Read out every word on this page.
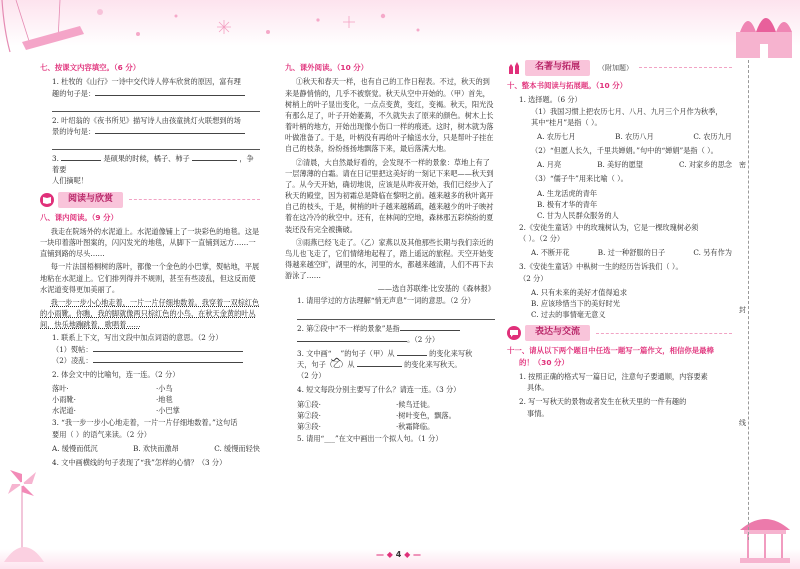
密
封
线
七、按课文内容填空。（6 分）
1. 杜牧的《山行》一诗中交代诗人停车欣赏的原因，富有理
趣的句子是：
2. 叶绍翁的《夜书所见》描写诗人由孩童挑灯火联想到的场
景的诗句是：
3.	是硕果的时候，橘子、柿子	，争着要
人们摘呢！
阅读与欣赏
八、课内阅读。（9 分）
我走在院场外的水泥道上。水泥道像铺上了一块彩色的地毯。这是一块印着落叶图案的，闪闪发光的地毯，从脚下一直铺到远方……一直铺到路的尽头……
每一片法国梧桐树的落叶，都像一个金色的小巴掌，熨帖地，平展地粘在水泥道上。它们排列得并不规则，甚至有些凌乱，但这反而使水泥道变得更加美丽了。
我一步一步小心地走着，一片一片仔细地数着。我穿着一双棕红色的小雨靴。你瞧，我的脚就像两只棕红色的小鸟，在秋天金黄的叶丛间，快乐地蹦跳着，歌唱着……
1. 联系上下文，写出文段中加点词语的意思。（2 分）
（1）熨帖：
（2）凌乱：
2. 体会文中的比喻句，连一连。（2 分）
落叶·	·小鸟
小雨靴·	·地毯
水泥道·	·小巴掌
3. “我一步一步小心地走着，一片一片仔细地数着。”这句话
要用（ ）的语气来读。（2 分）
A. 缓慢而低沉	B. 欢快而激昂	C. 缓慢而轻快
4. 文中画横线的句子表现了“我”怎样的心情？（3 分）
九、课外阅读。（10 分）
①秋天和春天一样，也有自己的工作日程表。不过，秋天的到来是静悄悄的，几乎不被察觉。秋天从空中开始的。（甲）首先，树梢上的叶子显出变化，一点点变黄，变红，变褐。秋天，阳光没有那么足了，叶子开始萎蔫，不久就失去了原来的颜色。树木上长着叶柄的地方，开始出现像小伤口一样的痕迹。这时，树木就为落叶做准备了。于是，叶柄没有再给叶子输送水分，只是帮叶子挂在自己的枝条，纷纷扬扬地飘落下来，最后落满大地。
②清晨，大自然最好看的，会发现不一样的景象：草地上有了一层薄薄的白霜。请在日记里把这美好的一刻记下来吧——秋天到了。从今天开始，确切地说，应该是从昨夜开始，我们已经步入了秋天的殿堂，因为初霜总是降临在黎明之前。越来越多的秋叶离开自己的枝头，于是，树梢的叶子越来越稀疏，越来越少的叶子映衬着在这冷冷的秋空中。还有，在林间的空地，森林那五彩缤纷的夏装还没有完全被撕破。
③雨燕已经飞走了。（乙）家燕以及其他那些长期与我们亲近的鸟儿也飞走了，它们情绪地起程了，踏上遥远的旅程。天空开始变得越来越空旷，湖里的水，河里的水，都越来越清，人们不再下去游泳了……
——选自苏联维·比安基的《森林报》
1. 请用学过的方法理解“悄无声息”一词的意思。（2 分）
2. 第②段中“不一样的景象”是指
。（2 分）
3. 文中画“ ”的句子（甲）从	的变化来写秋
天，句子（乙）从	的变化来写秋天。
（2 分）
4. 短文每段分别主要写了什么？请连一连。（3 分）
第①段·	·候鸟迁徙。
第②段·	·树叶变色，飘落。
第③段·	·秋霜降临。
5. 请用“___”在文中画出一个拟人句。（1 分）
名著与拓展	（附加题）
十、整本书阅读与拓展题。（10 分）
1. 选择题。（6 分）
（1）我国习惯上把农历七月、八月、九月三个月作为秋季，
其中“桂月”是指（ ）。
A. 农历七月	B. 农历八月	C. 农历九月
（2）“但愿人长久，千里共婵娟。”句中的“婵娟”是指（ ）。
A. 月亮	B. 美好的愿望	C. 对家乡的思念
（3）“儒子牛”用来比喻（ ）。
A. 生龙活虎的青年
B. 极有才华的青年
C. 甘为人民群众服务的人
2.《安徒生童话》中的玫瑰树认为，它是一棵玫瑰树必须
（ ）。（2 分）
A. 不断开花	B. 过一种舒服的日子	C. 另有作为
3.《安徒生童话》中枞树一生的经历告诉我们（ ）。
（2 分）
A. 只有未来的美好才值得追求
B. 应该珍惜当下的美好时光
C. 过去的事情毫无意义
表达与交流
十一、请从以下两个题目中任选一题写一篇作文，相信你是最棒
的！（30 分）
1. 按照正确的格式写一篇日记，注意句子要通顺，内容要素
具体。
2. 写一写秋天的景物或者发生在秋天里的一件有趣的
事情。
— ◆ 4 ◆ —
